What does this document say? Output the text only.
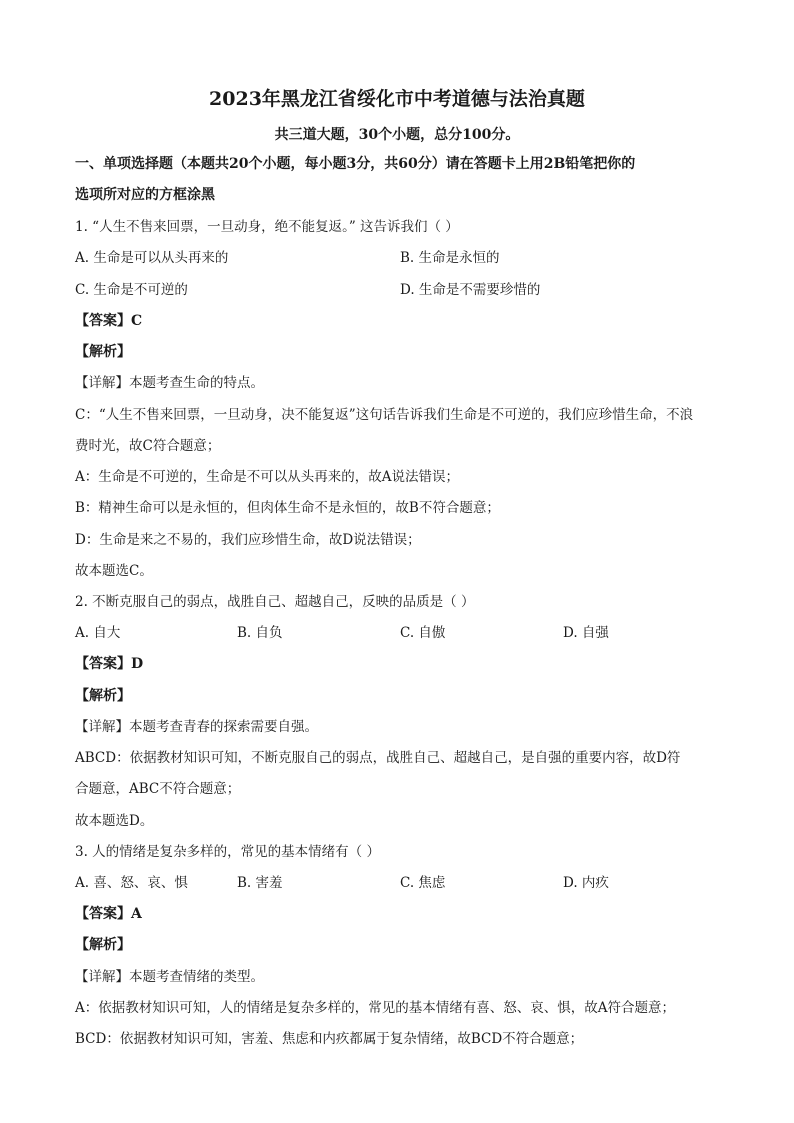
2023年黑龙江省绥化市中考道德与法治真题
共三道大题，30个小题，总分100分。
一、单项选择题（本题共20个小题，每小题3分，共60分）请在答题卡上用2B铅笔把你的
选项所对应的方框涂黑
1. “人生不售来回票，一旦动身，绝不能复返。” 这告诉我们（ ）
A. 生命是可以从头再来的	B. 生命是永恒的
C. 生命是不可逆的	D. 生命是不需要珍惜的
【答案】C
【解析】
【详解】本题考查生命的特点。
C：“人生不售来回票，一旦动身，决不能复返”这句话告诉我们生命是不可逆的，我们应珍惜生命，不浪
费时光，故C符合题意；
A：生命是不可逆的，生命是不可以从头再来的，故A说法错误；
B：精神生命可以是永恒的，但肉体生命不是永恒的，故B不符合题意；
D：生命是来之不易的，我们应珍惜生命，故D说法错误；
故本题选C。
2. 不断克服自己的弱点，战胜自己、超越自己，反映的品质是（ ）
A. 自大	B. 自负	C. 自傲	D. 自强
【答案】D
【解析】
【详解】本题考查青春的探索需要自强。
ABCD：依据教材知识可知，不断克服自己的弱点，战胜自己、超越自己，是自强的重要内容，故D符
合题意，ABC不符合题意；
故本题选D。
3. 人的情绪是复杂多样的，常见的基本情绪有（ ）
A. 喜、怒、哀、惧	B. 害羞	C. 焦虑	D. 内疚
【答案】A
【解析】
【详解】本题考查情绪的类型。
A：依据教材知识可知，人的情绪是复杂多样的，常见的基本情绪有喜、怒、哀、惧，故A符合题意；
BCD：依据教材知识可知，害羞、焦虑和内疚都属于复杂情绪，故BCD不符合题意；
